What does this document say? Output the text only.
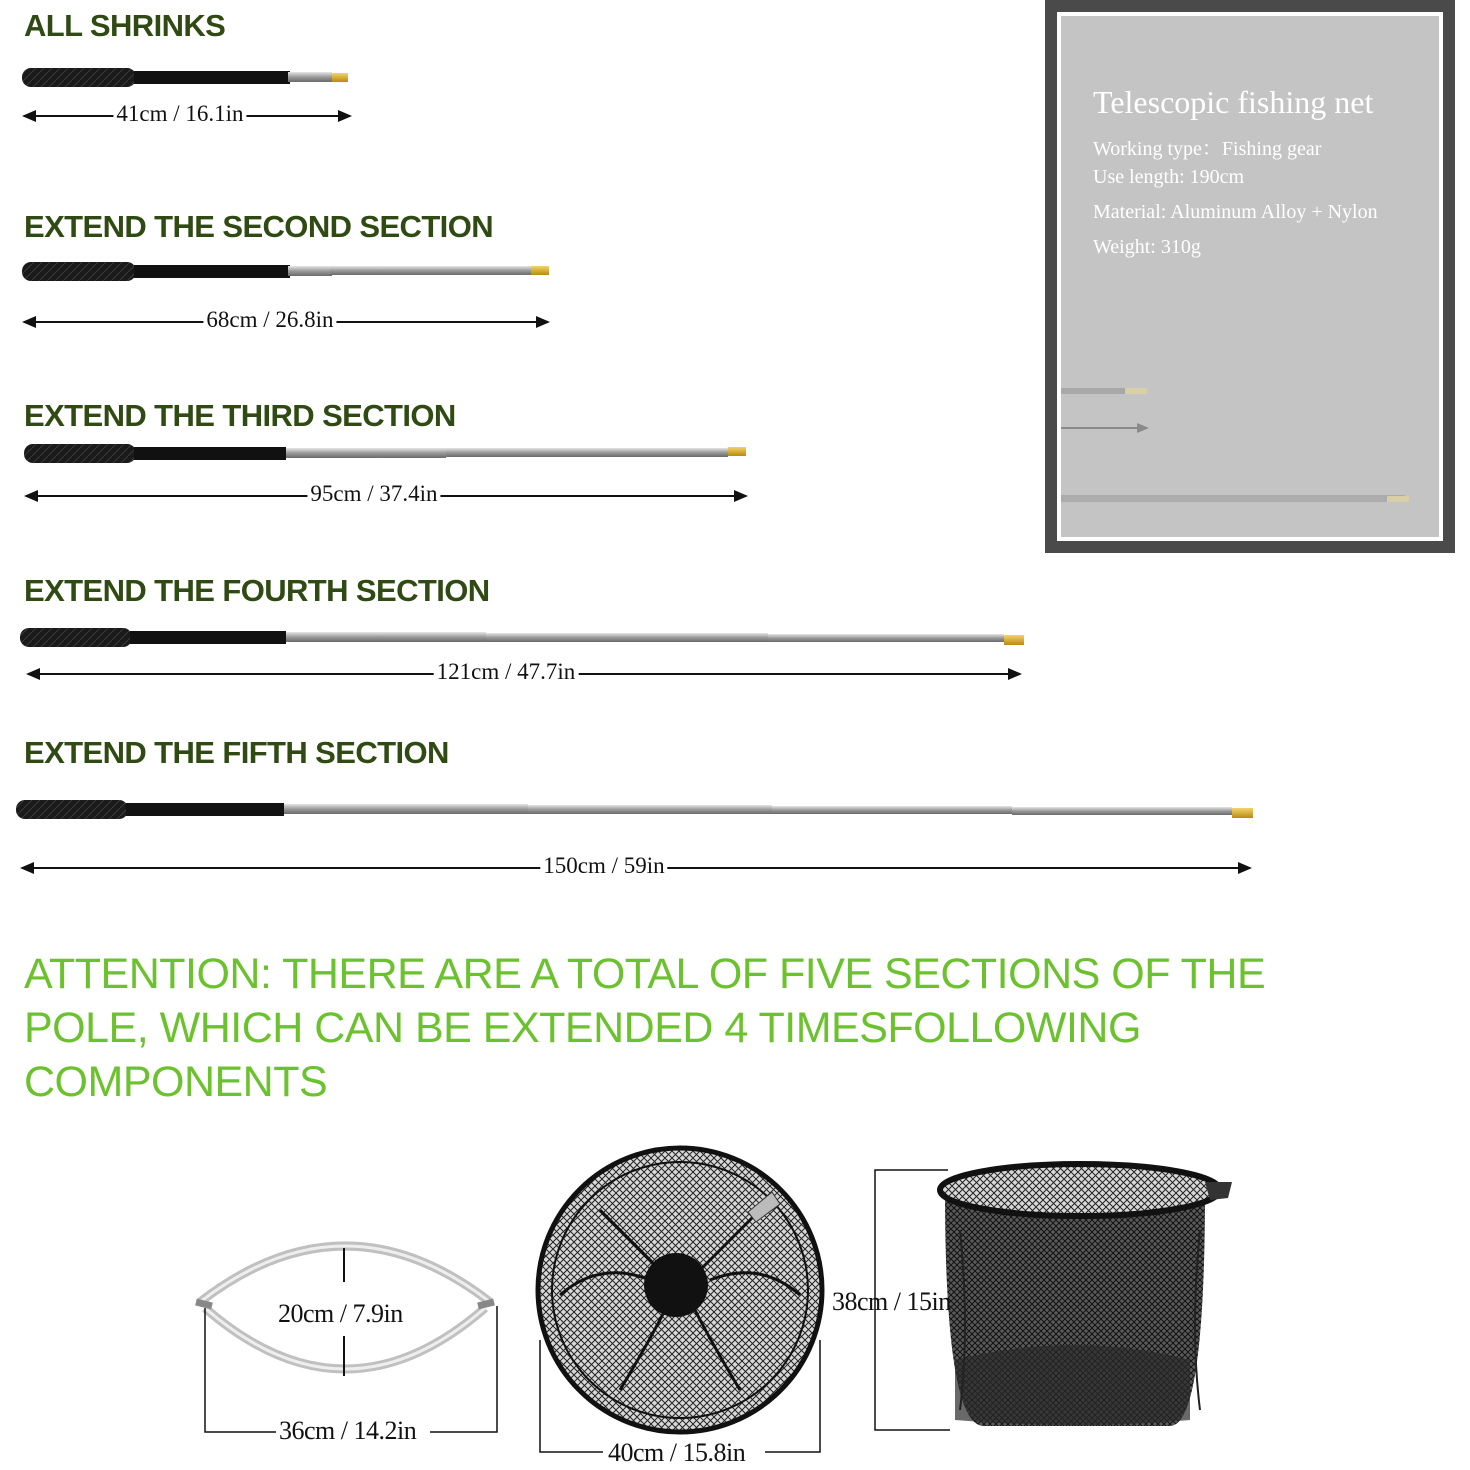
ALL SHRINKS
EXTEND THE SECOND SECTION
EXTEND THE THIRD SECTION
EXTEND THE FOURTH SECTION
EXTEND THE FIFTH SECTION
41cm / 16.1in
68cm / 26.8in
95cm / 37.4in
121cm / 47.7in
150cm / 59in

ATTENTION: THERE ARE A TOTAL OF FIVE SECTIONS OF THE POLE, WHICH CAN BE EXTENDED 4 TIMESFOLLOWING COMPONENTS

Telescopic fishing net
Working type：Fishing gear
Use length: 190cm
Material: Aluminum Alloy + Nylon
Weight: 310g
20cm / 7.9in
36cm / 14.2in
40cm / 15.8in
38cm / 15in
